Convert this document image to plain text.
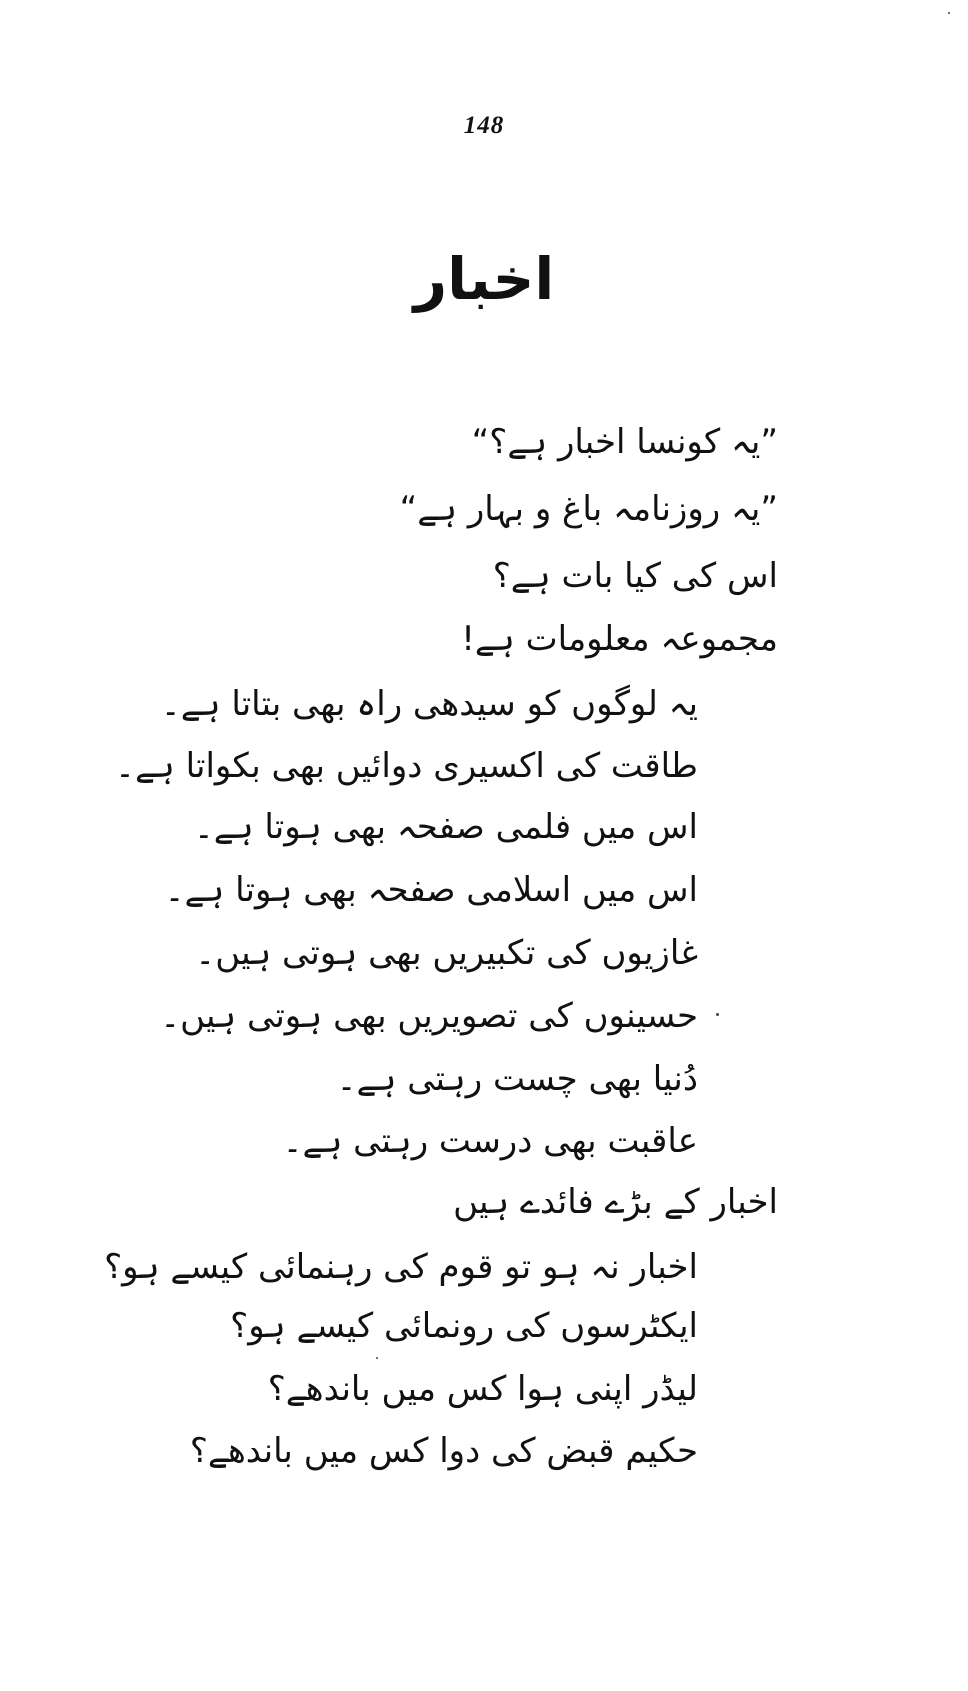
148
اخبار
”یہ کونسا اخبار ہے؟“
”یہ روزنامہ باغ و بہار ہے“
اس کی کیا بات ہے؟
مجموعہ معلومات ہے!
یہ لوگوں کو سیدھی راہ بھی بتاتا ہے۔
طاقت کی اکسیری دوائیں بھی بکواتا ہے۔
اس میں فلمی صفحہ بھی ہوتا ہے۔
اس میں اسلامی صفحہ بھی ہوتا ہے۔
غازیوں کی تکبیریں بھی ہوتی ہیں۔
حسینوں کی تصویریں بھی ہوتی ہیں۔
دُنیا بھی چست رہتی ہے۔
عاقبت بھی درست رہتی ہے۔
اخبار کے بڑے فائدے ہیں
اخبار نہ ہو تو قوم کی رہنمائی کیسے ہو؟
ایکٹرسوں کی رونمائی کیسے ہو؟
لیڈر اپنی ہوا کس میں باندھے؟
حکیم قبض کی دوا کس میں باندھے؟
